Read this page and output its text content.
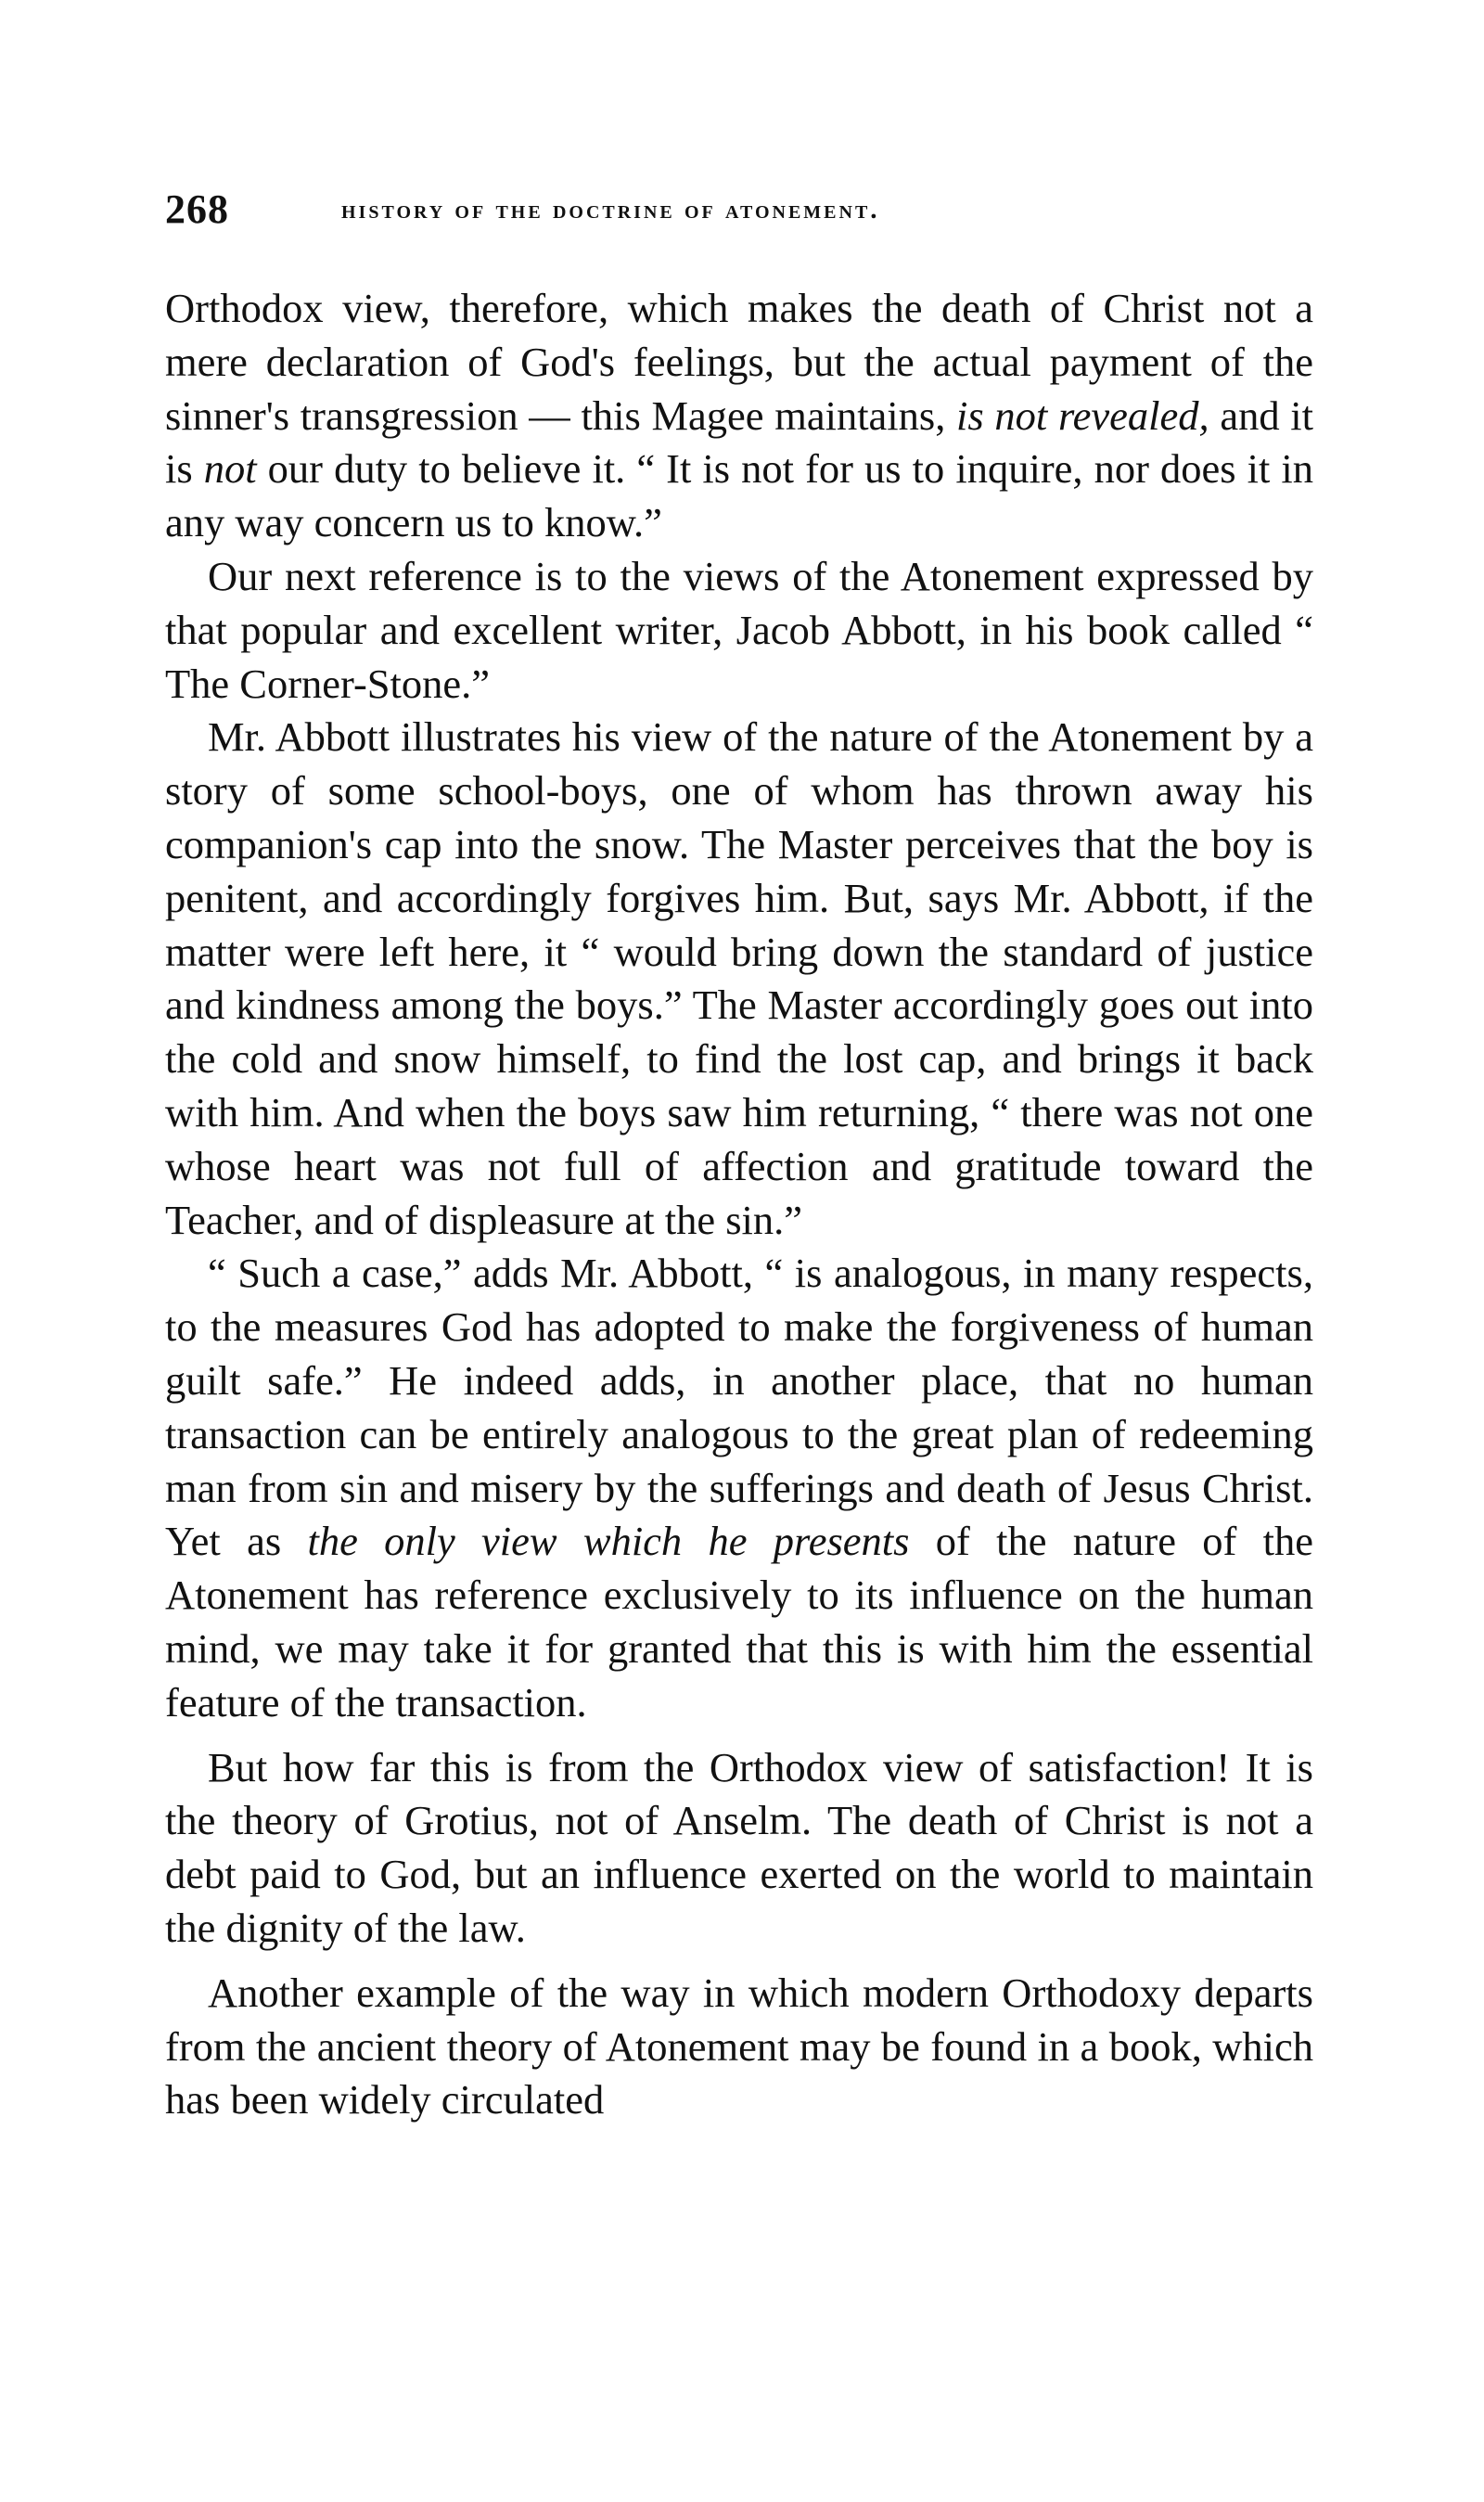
268	history of the doctrine of atonement.

Orthodox view, therefore, which makes the death of Christ not a mere declaration of God's feelings, but the actual payment of the sinner's transgression — this Magee maintains, is not revealed, and it is not our duty to believe it. “ It is not for us to inquire, nor does it in any way concern us to know.”

Our next reference is to the views of the Atonement expressed by that popular and excellent writer, Jacob Abbott, in his book called “ The Corner-Stone.”

Mr. Abbott illustrates his view of the nature of the Atonement by a story of some school-boys, one of whom has thrown away his companion's cap into the snow. The Master perceives that the boy is penitent, and accordingly forgives him. But, says Mr. Abbott, if the matter were left here, it “ would bring down the standard of justice and kindness among the boys.” The Master accordingly goes out into the cold and snow himself, to find the lost cap, and brings it back with him. And when the boys saw him returning, “ there was not one whose heart was not full of affection and gratitude toward the Teacher, and of displeasure at the sin.”

“ Such a case,” adds Mr. Abbott, “ is analogous, in many respects, to the measures God has adopted to make the forgiveness of human guilt safe.” He indeed adds, in another place, that no human transaction can be entirely analogous to the great plan of redeeming man from sin and misery by the sufferings and death of Jesus Christ. Yet as the only view which he presents of the nature of the Atonement has reference exclusively to its influence on the human mind, we may take it for granted that this is with him the essential feature of the transaction.

But how far this is from the Orthodox view of satisfaction! It is the theory of Grotius, not of Anselm. The death of Christ is not a debt paid to God, but an influence exerted on the world to maintain the dignity of the law.

Another example of the way in which modern Orthodoxy departs from the ancient theory of Atonement may be found in a book, which has been widely circulated
